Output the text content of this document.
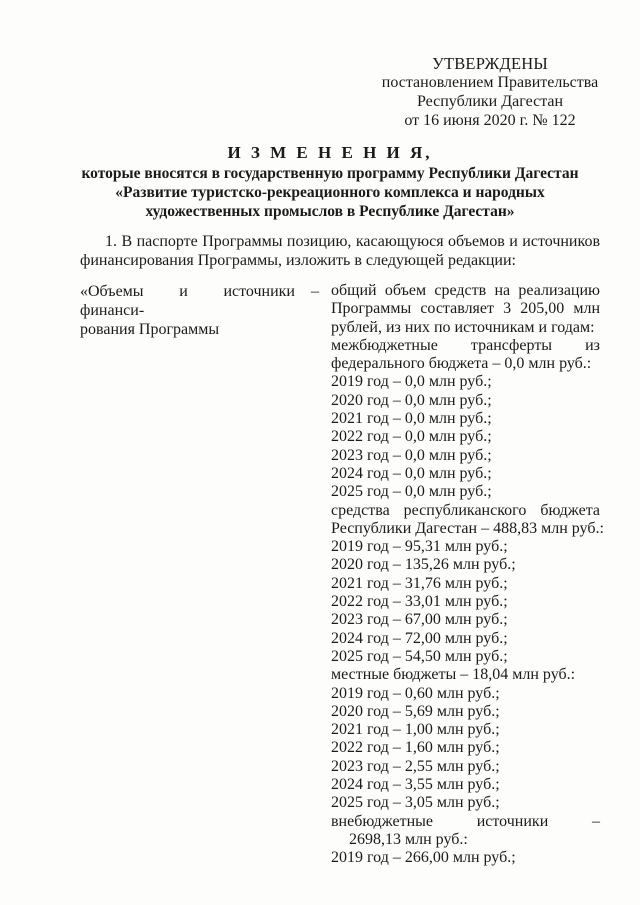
УТВЕРЖДЕНЫ
постановлением Правительства
Республики Дагестан
от 16 июня 2020 г. № 122
И З М Е Н Е Н И Я,
которые вносятся в государственную программу Республики Дагестан
«Развитие туристско-рекреационного комплекса и народных
художественных промыслов в Республике Дагестан»
1. В паспорте Программы позицию, касающуюся объемов и источников
финансирования Программы, изложить в следующей редакции:
«Объемы и источники финанси-
рования Программы
– общий объем средств на реализацию
Программы составляет 3 205,00 млн
рублей, из них по источникам и годам:
межбюджетные трансферты из
федерального бюджета – 0,0 млн руб.:
2019 год – 0,0 млн руб.;
2020 год – 0,0 млн руб.;
2021 год – 0,0 млн руб.;
2022 год – 0,0 млн руб.;
2023 год – 0,0 млн руб.;
2024 год – 0,0 млн руб.;
2025 год – 0,0 млн руб.;
средства республиканского бюджета
Республики Дагестан – 488,83 млн руб.:
2019 год – 95,31 млн руб.;
2020 год – 135,26 млн руб.;
2021 год – 31,76 млн руб.;
2022 год – 33,01 млн руб.;
2023 год – 67,00 млн руб.;
2024 год – 72,00 млн руб.;
2025 год – 54,50 млн руб.;
местные бюджеты – 18,04 млн руб.:
2019 год – 0,60 млн руб.;
2020 год – 5,69 млн руб.;
2021 год – 1,00 млн руб.;
2022 год – 1,60 млн руб.;
2023 год – 2,55 млн руб.;
2024 год – 3,55 млн руб.;
2025 год – 3,05 млн руб.;
внебюджетные источники –
2698,13 млн руб.:
2019 год – 266,00 млн руб.;
